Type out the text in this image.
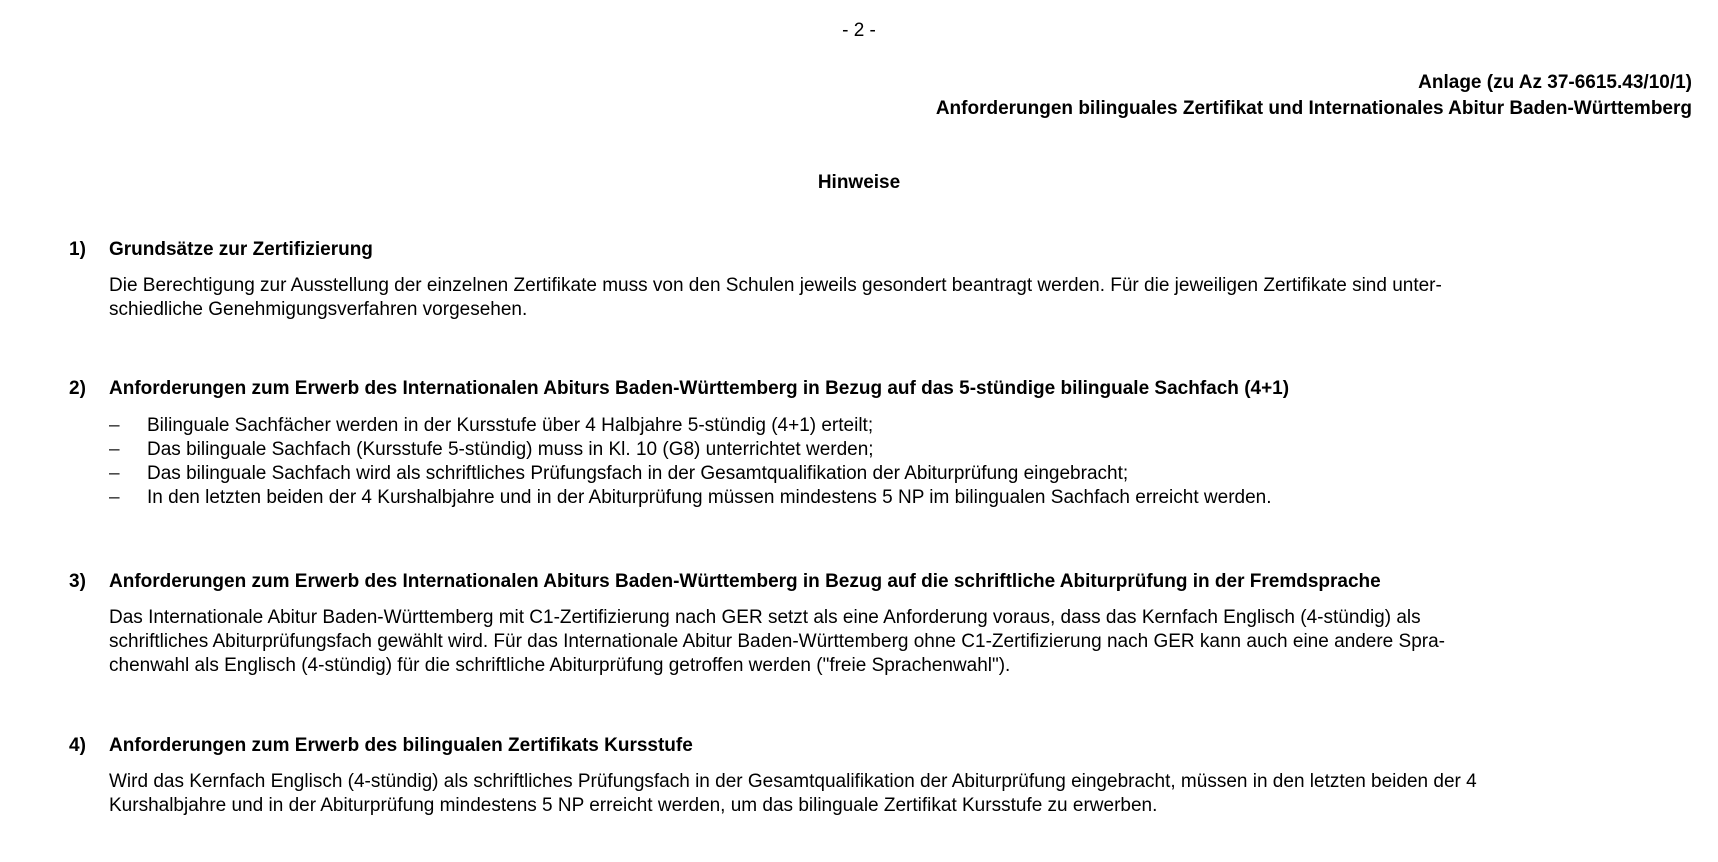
- 2 -
Anlage (zu Az 37-6615.43/10/1)
Anforderungen bilinguales Zertifikat und Internationales Abitur Baden-Württemberg
Hinweise
1)	Grundsätze zur Zertifizierung
Die Berechtigung zur Ausstellung der einzelnen Zertifikate muss von den Schulen jeweils gesondert beantragt werden. Für die jeweiligen Zertifikate sind unter-
schiedliche Genehmigungsverfahren vorgesehen.
2)	Anforderungen zum Erwerb des Internationalen Abiturs Baden-Württemberg in Bezug auf das 5-stündige bilinguale Sachfach (4+1)
–	Bilinguale Sachfächer werden in der Kursstufe über 4 Halbjahre 5-stündig (4+1) erteilt;
–	Das bilinguale Sachfach (Kursstufe 5-stündig) muss in Kl. 10 (G8) unterrichtet werden;
–	Das bilinguale Sachfach wird als schriftliches Prüfungsfach in der Gesamtqualifikation der Abiturprüfung eingebracht;
–	In den letzten beiden der 4 Kurshalbjahre und in der Abiturprüfung müssen mindestens 5 NP im bilingualen Sachfach erreicht werden.
3)	Anforderungen zum Erwerb des Internationalen Abiturs Baden-Württemberg in Bezug auf die schriftliche Abiturprüfung in der Fremdsprache
Das Internationale Abitur Baden-Württemberg mit C1-Zertifizierung nach GER setzt als eine Anforderung voraus, dass das Kernfach Englisch (4-stündig) als
schriftliches Abiturprüfungsfach gewählt wird. Für das Internationale Abitur Baden-Württemberg ohne C1-Zertifizierung nach GER kann auch eine andere Spra-
chenwahl als Englisch (4-stündig) für die schriftliche Abiturprüfung getroffen werden ("freie Sprachenwahl").
4)	Anforderungen zum Erwerb des bilingualen Zertifikats Kursstufe
Wird das Kernfach Englisch (4-stündig) als schriftliches Prüfungsfach in der Gesamtqualifikation der Abiturprüfung eingebracht, müssen in den letzten beiden der 4
Kurshalbjahre und in der Abiturprüfung mindestens 5 NP erreicht werden, um das bilinguale Zertifikat Kursstufe zu erwerben.
